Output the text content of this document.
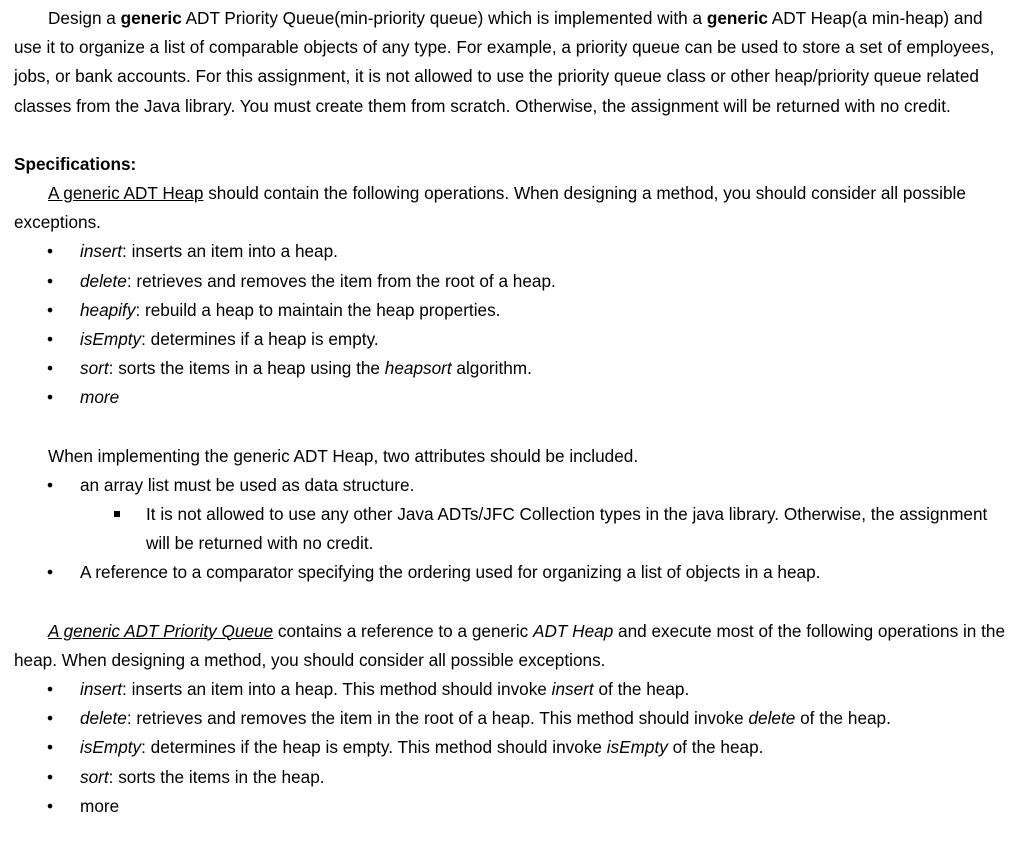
Design a generic ADT Priority Queue(min-priority queue) which is implemented with a generic ADT Heap(a min-heap) and use it to organize a list of comparable objects of any type. For example, a priority queue can be used to store a set of employees, jobs, or bank accounts. For this assignment, it is not allowed to use the priority queue class or other heap/priority queue related classes from the Java library. You must create them from scratch. Otherwise, the assignment will be returned with no credit.

Specifications:

A generic ADT Heap should contain the following operations. When designing a method, you should consider all possible exceptions.

• insert: inserts an item into a heap.
• delete: retrieves and removes the item from the root of a heap.
• heapify: rebuild a heap to maintain the heap properties.
• isEmpty: determines if a heap is empty.
• sort: sorts the items in a heap using the heapsort algorithm.
• more

When implementing the generic ADT Heap, two attributes should be included.

• an array list must be used as data structure.
It is not allowed to use any other Java ADTs/JFC Collection types in the java library. Otherwise, the assignment will be returned with no credit.
• A reference to a comparator specifying the ordering used for organizing a list of objects in a heap.

A generic ADT Priority Queue contains a reference to a generic ADT Heap and execute most of the following operations in the heap. When designing a method, you should consider all possible exceptions.

• insert: inserts an item into a heap. This method should invoke insert of the heap.
• delete: retrieves and removes the item in the root of a heap. This method should invoke delete of the heap.
• isEmpty: determines if the heap is empty. This method should invoke isEmpty of the heap.
• sort: sorts the items in the heap.
• more
